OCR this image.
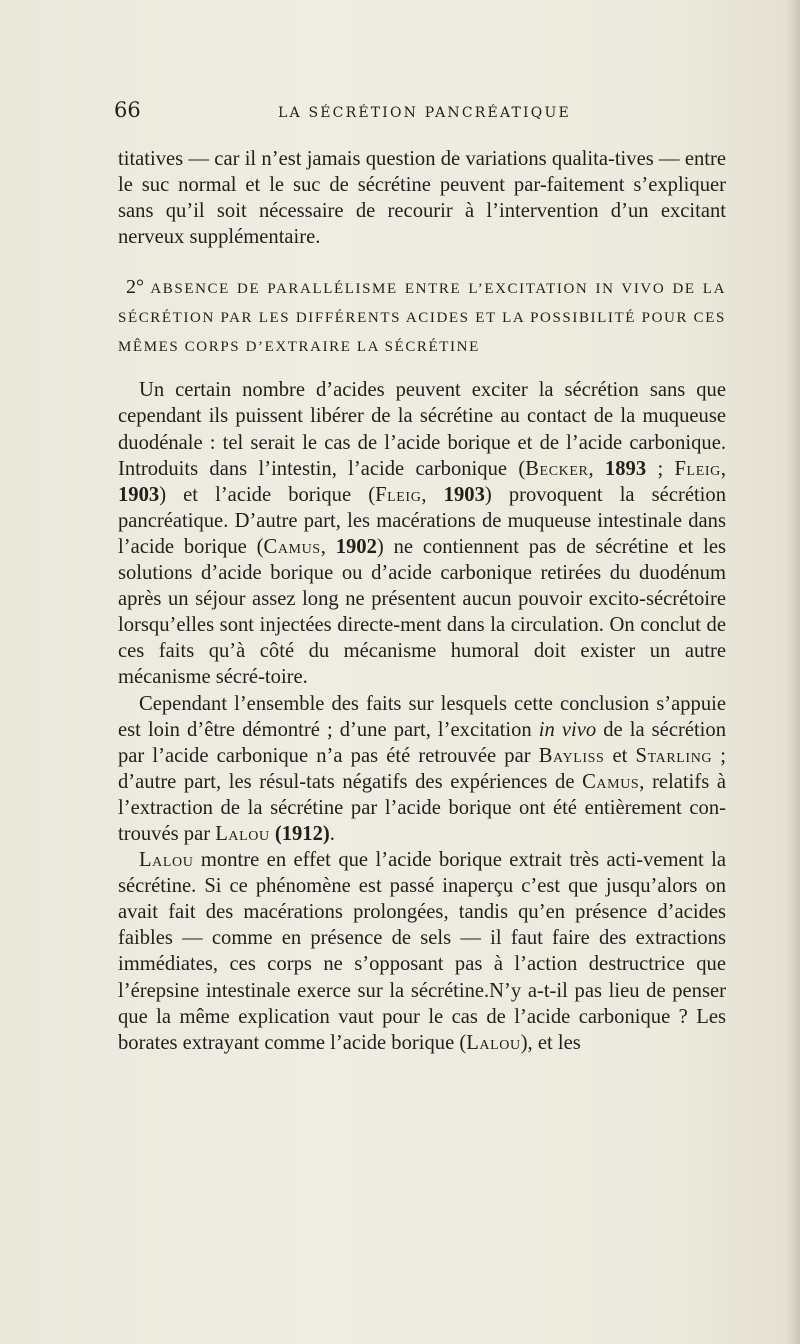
66	LA SÉCRÉTION PANCRÉATIQUE

titatives — car il n’est jamais question de variations qualita-tives — entre le suc normal et le suc de sécrétine peuvent par-faitement s’expliquer sans qu’il soit nécessaire de recourir à l’intervention d’un excitant nerveux supplémentaire.

2° ABSENCE DE PARALLÉLISME ENTRE L’EXCITATION IN VIVO DE LA SÉCRÉTION PAR LES DIFFÉRENTS ACIDES ET LA POSSIBILITÉ POUR CES MÊMES CORPS D’EXTRAIRE LA SÉCRÉTINE

Un certain nombre d’acides peuvent exciter la sécrétion sans que cependant ils puissent libérer de la sécrétine au contact de la muqueuse duodénale : tel serait le cas de l’acide borique et de l’acide carbonique. Introduits dans l’intestin, l’acide carbonique (Becker, 1893 ; Fleig, 1903) et l’acide borique (Fleig, 1903) provoquent la sécrétion pancréatique. D’autre part, les macérations de muqueuse intestinale dans l’acide borique (Camus, 1902) ne contiennent pas de sécrétine et les solutions d’acide borique ou d’acide carbonique retirées du duodénum après un séjour assez long ne présentent aucun pouvoir excito-sécrétoire lorsqu’elles sont injectées directe-ment dans la circulation. On conclut de ces faits qu’à côté du mécanisme humoral doit exister un autre mécanisme sécré-toire.

Cependant l’ensemble des faits sur lesquels cette conclusion s’appuie est loin d’être démontré ; d’une part, l’excitation in vivo de la sécrétion par l’acide carbonique n’a pas été retrouvée par Bayliss et Starling ; d’autre part, les résul-tats négatifs des expériences de Camus, relatifs à l’extraction de la sécrétine par l’acide borique ont été entièrement con-trouvés par Lalou (1912).

Lalou montre en effet que l’acide borique extrait très acti-vement la sécrétine. Si ce phénomène est passé inaperçu c’est que jusqu’alors on avait fait des macérations prolongées, tandis qu’en présence d’acides faibles — comme en présence de sels — il faut faire des extractions immédiates, ces corps ne s’opposant pas à l’action destructrice que l’érepsine intestinale exerce sur la sécrétine.N’y a-t-il pas lieu de penser que la même explication vaut pour le cas de l’acide carbonique ? Les borates extrayant comme l’acide borique (Lalou), et les
